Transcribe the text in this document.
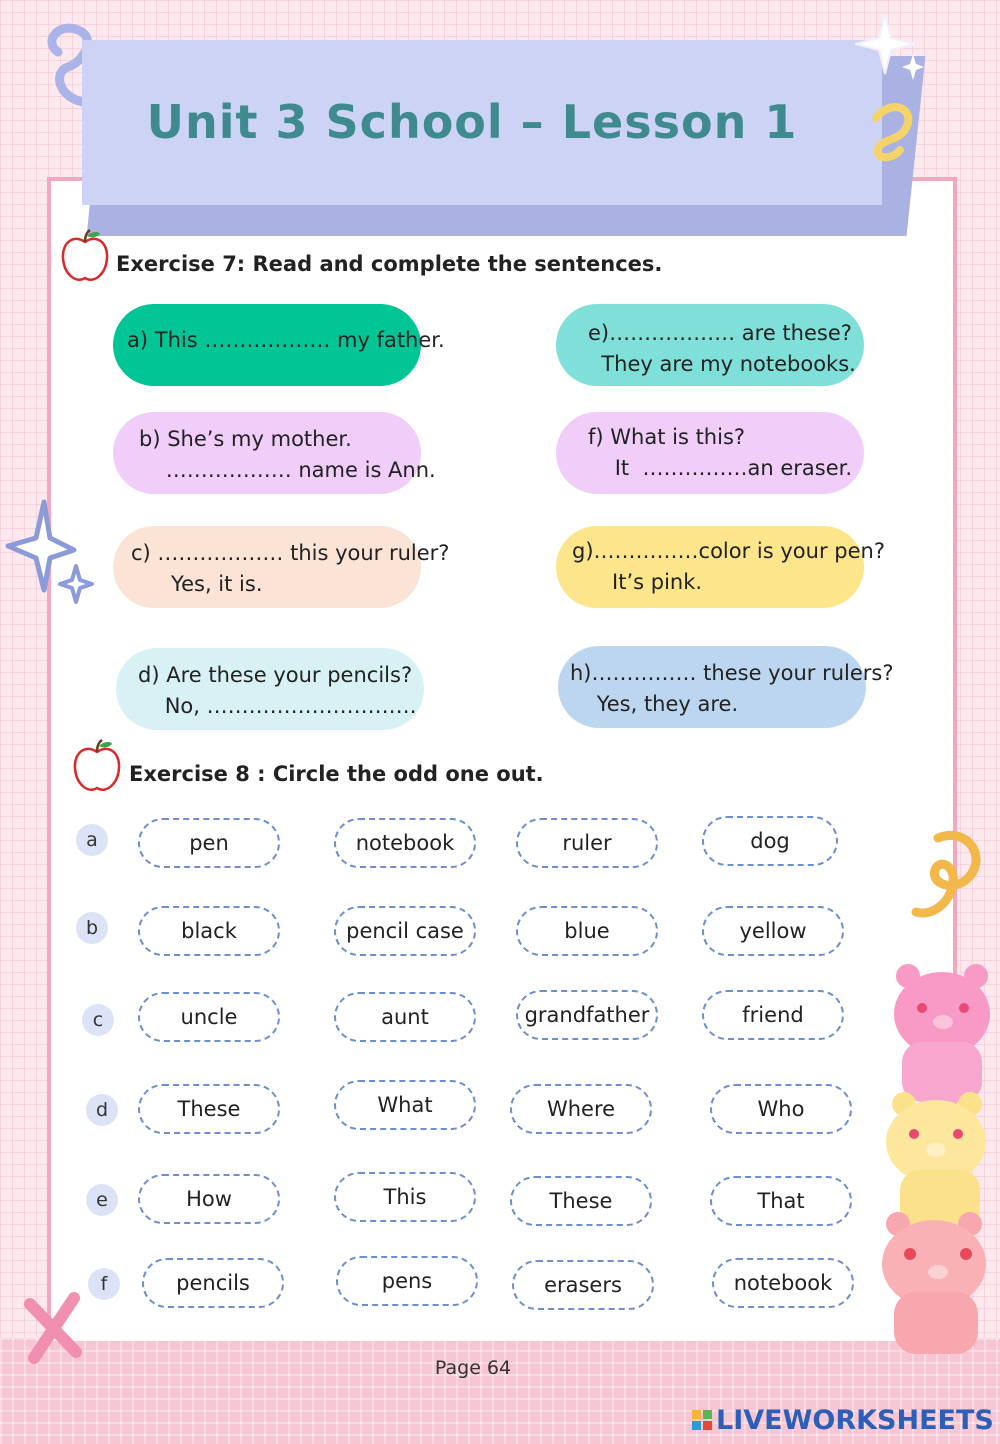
Unit 3 School – Lesson 1
Exercise 7: Read and complete the sentences.
a) This ……………… my father.
b) She’s my mother.
……………… name is Ann.
c) ……………… this your ruler?
Yes, it is.
d) Are these your pencils?
No, …………………………
e)……………… are these?
They are my notebooks.
f) What is this?
It  ……………an eraser.
g)……………color is your pen?
It’s pink.
h)…………… these your rulers?
Yes, they are.
Exercise 8 : Circle the odd one out.
a	pen	notebook	ruler	dog
b	black	pencil case	blue	yellow
c	uncle	aunt	grandfather	friend
d	These	What	Where	Who
e	How	This	These	That
f	pencils	pens	erasers	notebook
Page 64
LIVEWORKSHEETS
